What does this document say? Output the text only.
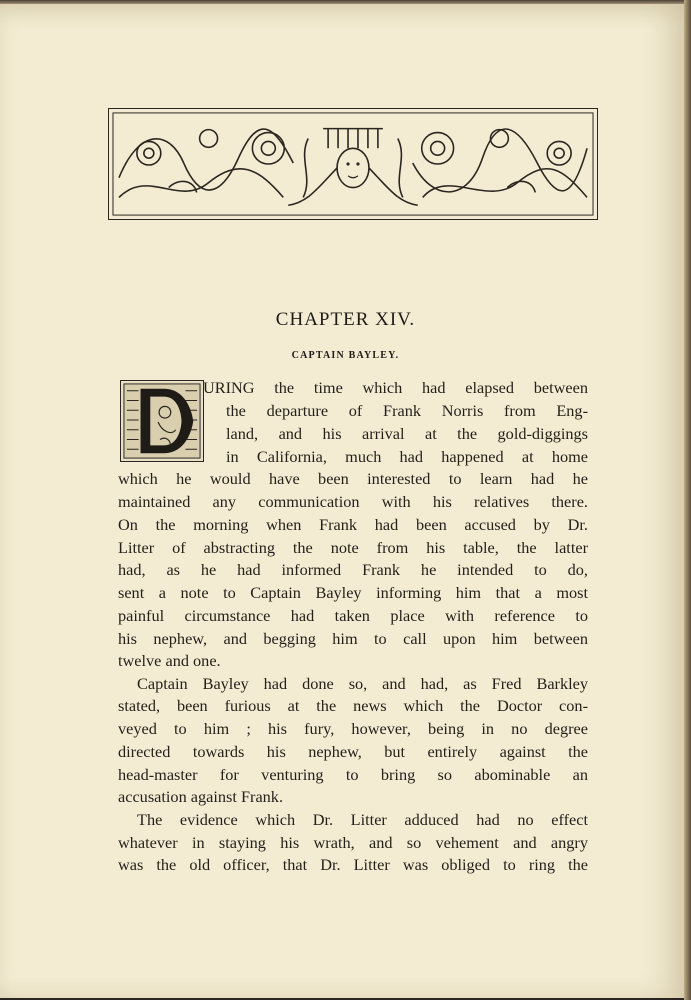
CHAPTER XIV.
CAPTAIN BAYLEY.
URING the time which had elapsed between
the departure of Frank Norris from Eng-
land, and his arrival at the gold-diggings
in California, much had happened at home
which he would have been interested to learn had he
maintained any communication with his relatives there.
On the morning when Frank had been accused by Dr.
Litter of abstracting the note from his table, the latter
had, as he had informed Frank he intended to do,
sent a note to Captain Bayley informing him that a most
painful circumstance had taken place with reference to
his nephew, and begging him to call upon him between
twelve and one.
Captain Bayley had done so, and had, as Fred Barkley
stated, been furious at the news which the Doctor con-
veyed to him ; his fury, however, being in no degree
directed towards his nephew, but entirely against the
head-master for venturing to bring so abominable an
accusation against Frank.
The evidence which Dr. Litter adduced had no effect
whatever in staying his wrath, and so vehement and angry
was the old officer, that Dr. Litter was obliged to ring the
